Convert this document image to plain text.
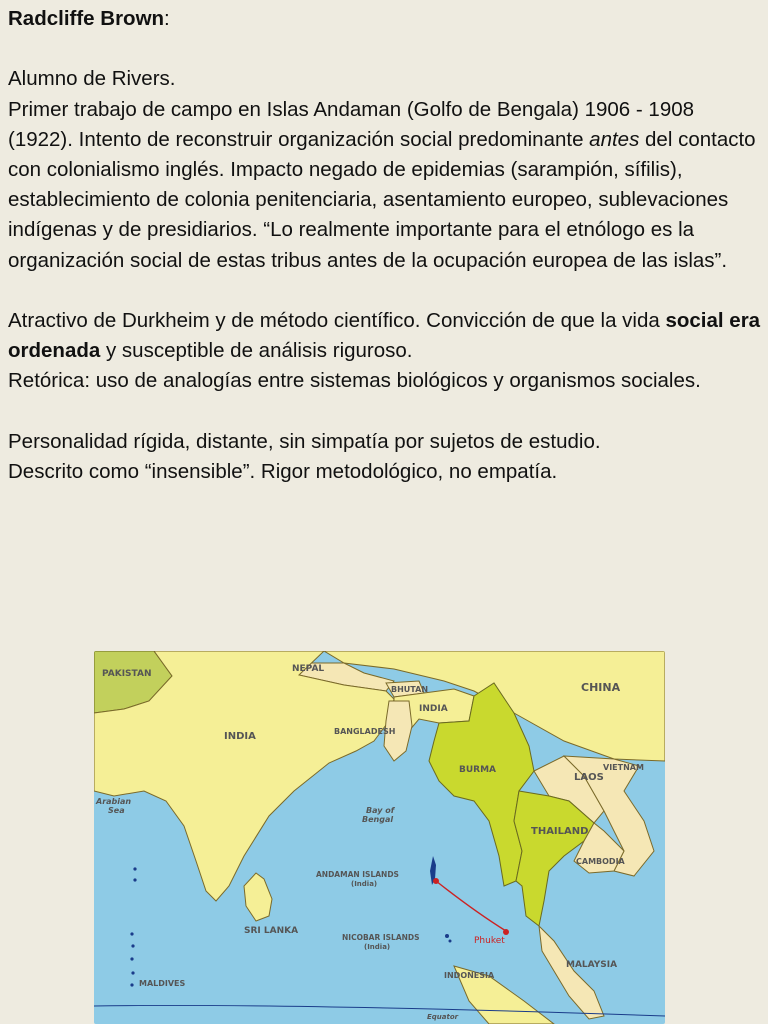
Radcliffe Brown:

Alumno de Rivers.

Primer trabajo de campo en Islas Andaman (Golfo de Bengala) 1906 - 1908 (1922). Intento de reconstruir organización social predominante antes del contacto con colonialismo inglés. Impacto negado de epidemias (sarampión, sífilis), establecimiento de colonia penitenciaria, asentamiento europeo, sublevaciones indígenas y de presidiarios. “Lo realmente importante para el etnólogo es la organización social de estas tribus antes de la ocupación europea de las islas”.

Atractivo de Durkheim y de método científico. Convicción de que la vida social era ordenada y susceptible de análisis riguroso.

Retórica: uso de analogías entre sistemas biológicos y organismos sociales.

Personalidad rígida, distante, sin simpatía por sujetos de estudio.

Descrito como “insensible”. Rigor metodológico, no empatía.

PAKISTAN	NEPAL
BHUTAN	CHINA
INDIA
INDIA
BANGLADESH
BURMA
LAOS
VIETNAM
THAILAND
CAMBODIA
Arabian
Sea	Bay of
Bengal
ANDAMAN ISLANDS
(India)
NICOBAR ISLANDS
(India)
SRI LANKA
MALDIVES
INDONESIA
MALAYSIA
Phuket
Equator
